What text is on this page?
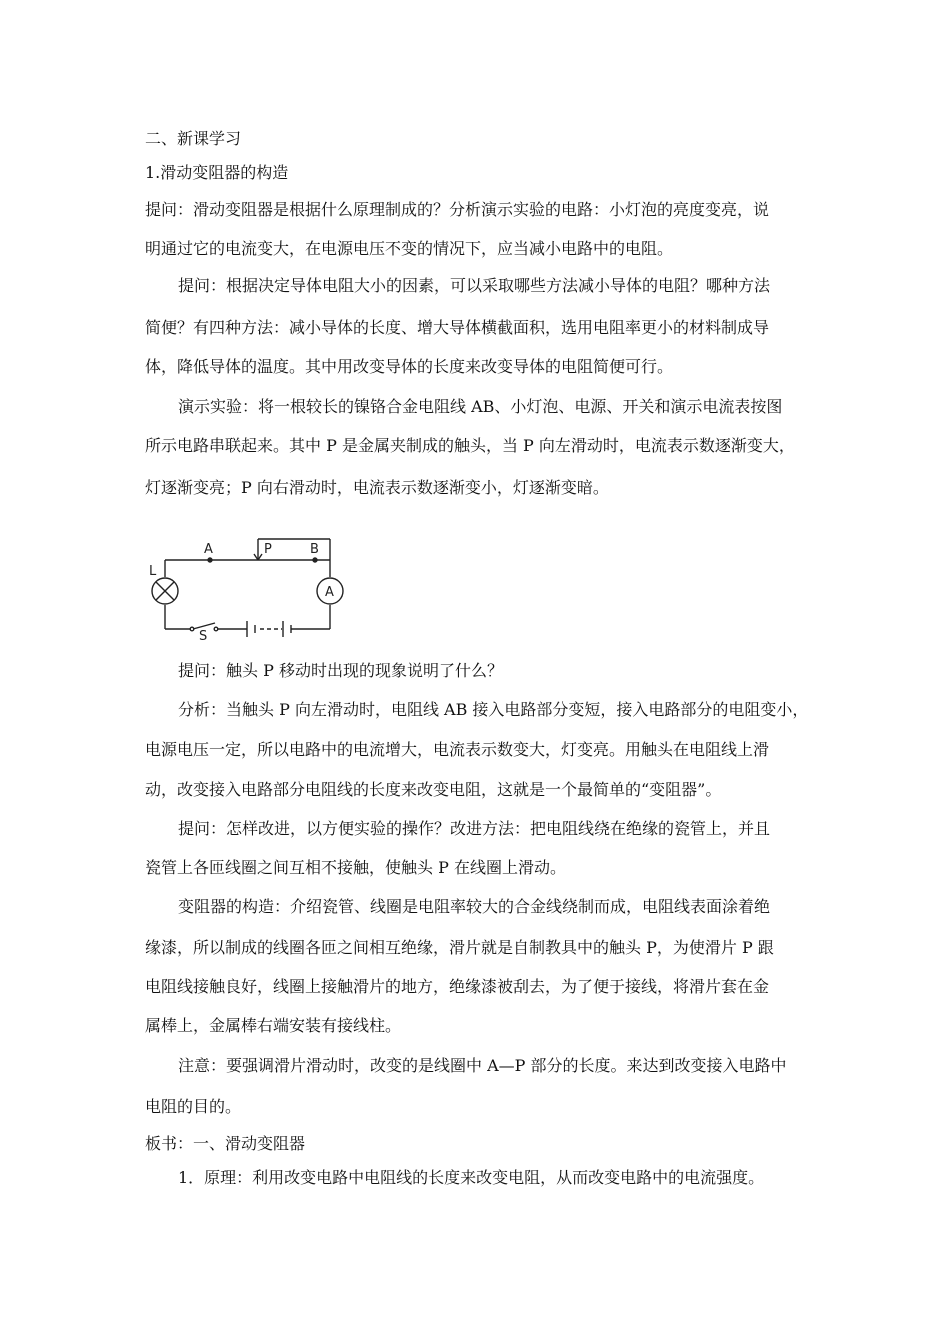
二、新课学习
1.滑动变阻器的构造
提问：滑动变阻器是根据什么原理制成的？分析演示实验的电路：小灯泡的亮度变亮，说
明通过它的电流变大，在电源电压不变的情况下，应当减小电路中的电阻。
提问：根据决定导体电阻大小的因素，可以采取哪些方法减小导体的电阻？哪种方法
简便？有四种方法：减小导体的长度、增大导体横截面积，选用电阻率更小的材料制成导
体，降低导体的温度。其中用改变导体的长度来改变导体的电阻简便可行。
演示实验：将一根较长的镍铬合金电阻线 AB、小灯泡、电源、开关和演示电流表按图
所示电路串联起来。其中 P 是金属夹制成的触头，当 P 向左滑动时，电流表示数逐渐变大，
灯逐渐变亮；P 向右滑动时，电流表示数逐渐变小，灯逐渐变暗。
L
A	P	B
A
S
提问：触头 P 移动时出现的现象说明了什么？
分析：当触头 P 向左滑动时，电阻线 AB 接入电路部分变短，接入电路部分的电阻变小，
电源电压一定，所以电路中的电流增大，电流表示数变大，灯变亮。用触头在电阻线上滑
动，改变接入电路部分电阻线的长度来改变电阻，这就是一个最简单的“变阻器”。
提问：怎样改进，以方便实验的操作？改进方法：把电阻线绕在绝缘的瓷管上，并且
瓷管上各匝线圈之间互相不接触，使触头 P 在线圈上滑动。
变阻器的构造：介绍瓷管、线圈是电阻率较大的合金线绕制而成，电阻线表面涂着绝
缘漆，所以制成的线圈各匝之间相互绝缘，滑片就是自制教具中的触头 P，为使滑片 P 跟
电阻线接触良好，线圈上接触滑片的地方，绝缘漆被刮去，为了便于接线，将滑片套在金
属棒上，金属棒右端安装有接线柱。
注意：要强调滑片滑动时，改变的是线圈中 A—P 部分的长度。来达到改变接入电路中
电阻的目的。
板书：一、滑动变阻器
1．原理：利用改变电路中电阻线的长度来改变电阻，从而改变电路中的电流强度。
